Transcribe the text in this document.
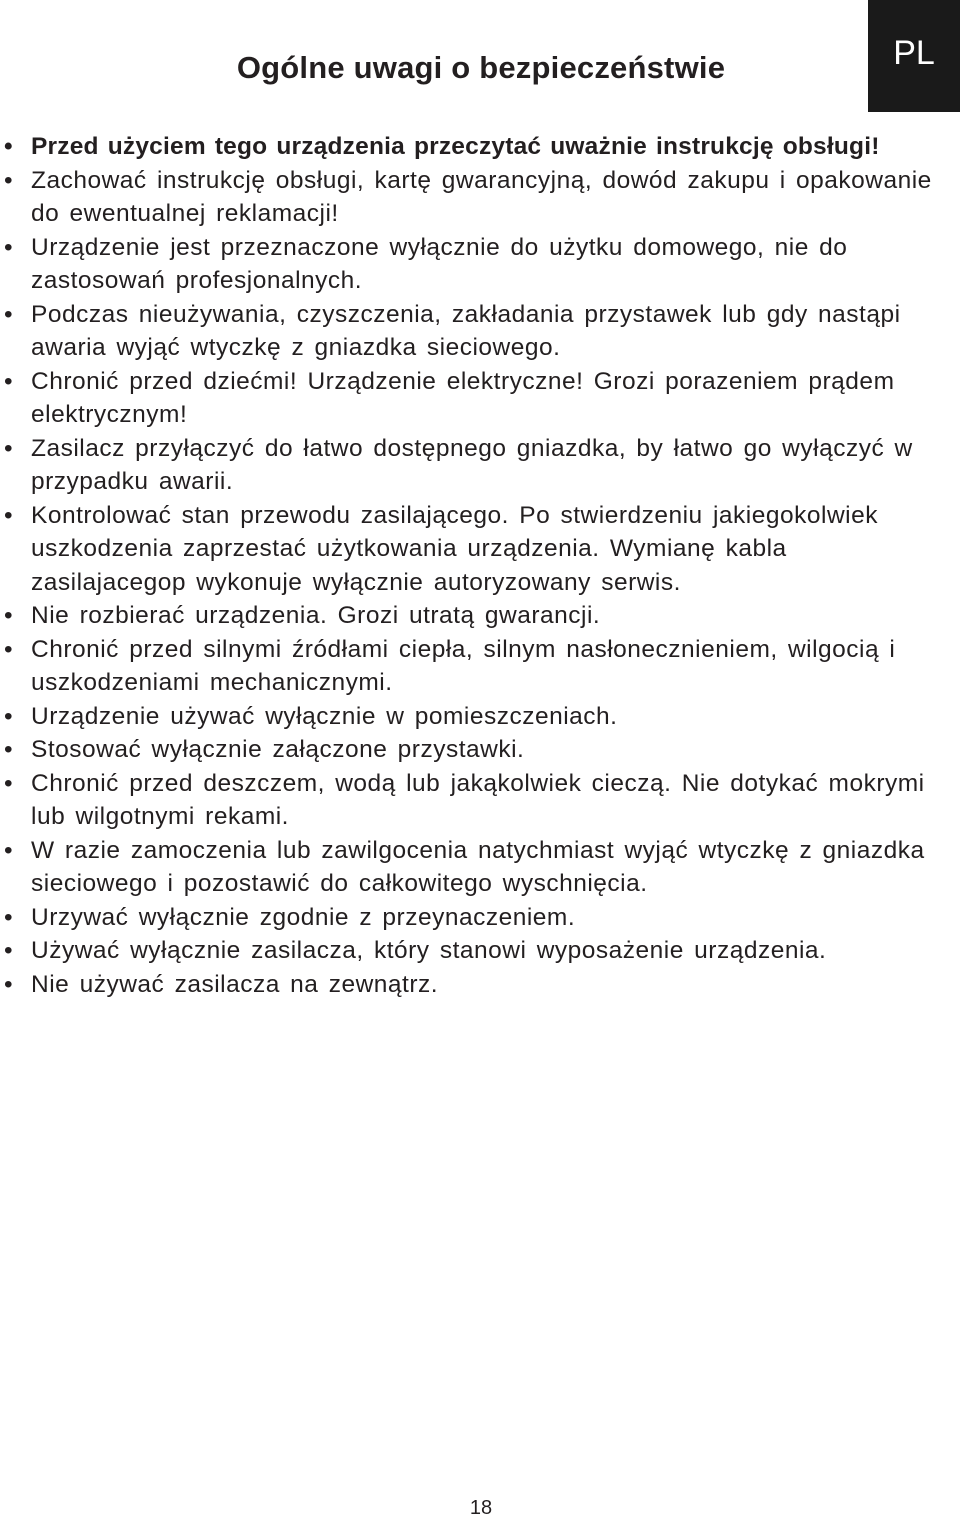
PL
Ogólne uwagi o bezpieczeństwie
• Przed użyciem tego urządzenia przeczytać uważnie instrukcję obsługi!
• Zachować instrukcję obsługi, kartę gwarancyjną, dowód zakupu i opakowanie do ewentualnej reklamacji!
• Urządzenie jest przeznaczone wyłącznie do użytku domowego, nie do zastosowań profesjonalnych.
• Podczas nieużywania, czyszczenia, zakładania przystawek lub gdy nastąpi awaria wyjąć wtyczkę z gniazdka sieciowego.
• Chronić przed dziećmi! Urządzenie elektryczne! Grozi porazeniem prądem elektrycznym!
• Zasilacz przyłączyć do łatwo dostępnego gniazdka, by łatwo go wyłączyć w przypadku awarii.
• Kontrolować stan przewodu zasilającego. Po stwierdzeniu jakiegokolwiek uszkodzenia zaprzestać użytkowania urządzenia. Wymianę kabla zasilajacegop wykonuje wyłącznie autoryzowany serwis.
• Nie rozbierać urządzenia. Grozi utratą gwarancji.
• Chronić przed silnymi źródłami ciepła, silnym nasłonecznieniem, wilgocią i uszkodzeniami mechanicznymi.
• Urządzenie używać wyłącznie w pomieszczeniach.
• Stosować wyłącznie załączone przystawki.
• Chronić przed deszczem, wodą lub jakąkolwiek cieczą. Nie dotykać mokrymi lub wilgotnymi rekami.
• W razie zamoczenia lub zawilgocenia natychmiast wyjąć wtyczkę z gniazdka sieciowego i pozostawić do całkowitego wyschnięcia.
• Urzywać wyłącznie zgodnie z przeynaczeniem.
• Używać wyłącznie zasilacza, który stanowi wyposażenie urządzenia.
• Nie używać zasilacza na zewnątrz.
18
